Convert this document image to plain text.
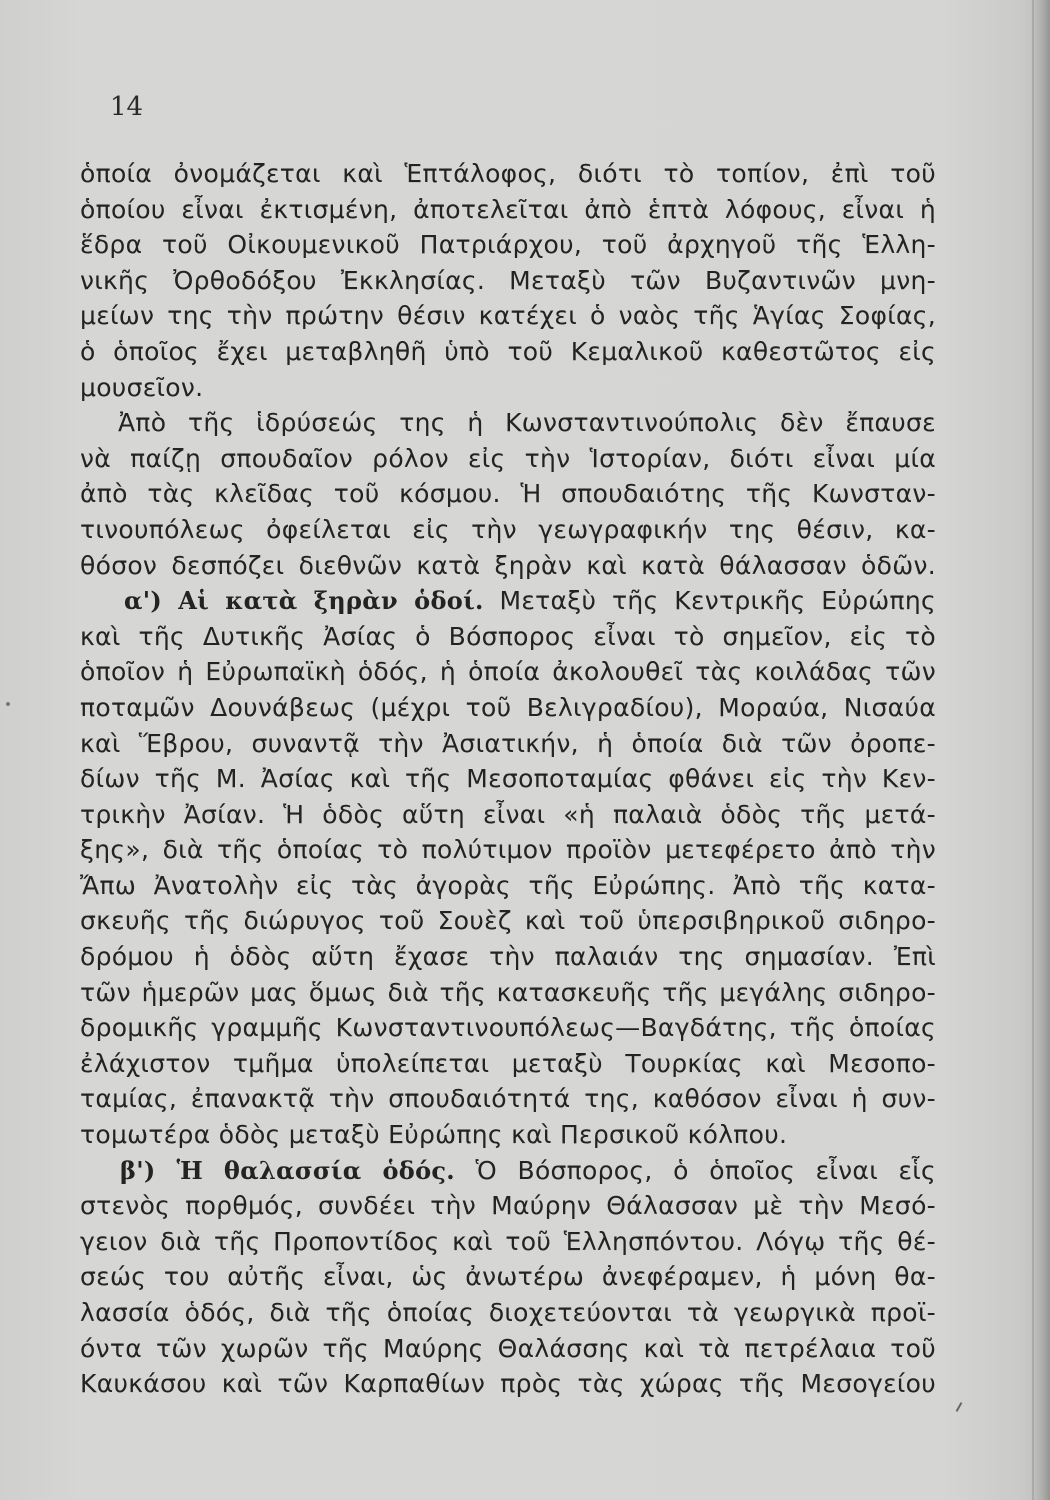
14
ὁποία ὀνομάζεται καὶ Ἑπτάλοφος, διότι τὸ τοπίον, ἐπὶ τοῦ
ὁποίου εἶναι ἐκτισμένη, ἀποτελεῖται ἀπὸ ἑπτὰ λόφους, εἶναι ἡ
ἕδρα τοῦ Οἰκουμενικοῦ Πατριάρχου, τοῦ ἀρχηγοῦ τῆς Ἑλλη-
νικῆς Ὀρθοδόξου Ἐκκλησίας. Μεταξὺ τῶν Βυζαντινῶν μνη-
μείων της τὴν πρώτην θέσιν κατέχει ὁ ναὸς τῆς Ἁγίας Σοφίας,
ὁ ὁποῖος ἔχει μεταβληθῆ ὑπὸ τοῦ Κεμαλικοῦ καθεστῶτος εἰς
μουσεῖον.
Ἀπὸ τῆς ἱδρύσεώς της ἡ Κωνσταντινούπολις δὲν ἔπαυσε
νὰ παίζῃ σπουδαῖον ρόλον εἰς τὴν Ἱστορίαν, διότι εἶναι μία
ἀπὸ τὰς κλεῖδας τοῦ κόσμου. Ἡ σπουδαιότης τῆς Κωνσταν-
τινουπόλεως ὀφείλεται εἰς τὴν γεωγραφικήν της θέσιν, κα-
θόσον δεσπόζει διεθνῶν κατὰ ξηρὰν καὶ κατὰ θάλασσαν ὁδῶν.
α') Αἱ κατὰ ξηρὰν ὁδοί. Μεταξὺ τῆς Κεντρικῆς Εὐρώπης
καὶ τῆς Δυτικῆς Ἀσίας ὁ Βόσπορος εἶναι τὸ σημεῖον, εἰς τὸ
ὁποῖον ἡ Εὐρωπαϊκὴ ὁδός, ἡ ὁποία ἀκολουθεῖ τὰς κοιλάδας τῶν
ποταμῶν Δουνάβεως (μέχρι τοῦ Βελιγραδίου), Μοραύα, Νισαύα
καὶ Ἕβρου, συναντᾷ τὴν Ἀσιατικήν, ἡ ὁποία διὰ τῶν ὀροπε-
δίων τῆς Μ. Ἀσίας καὶ τῆς Μεσοποταμίας φθάνει εἰς τὴν Κεν-
τρικὴν Ἀσίαν. Ἡ ὁδὸς αὕτη εἶναι «ἡ παλαιὰ ὁδὸς τῆς μετά-
ξης», διὰ τῆς ὁποίας τὸ πολύτιμον προϊὸν μετεφέρετο ἀπὸ τὴν
Ἄπω Ἀνατολὴν εἰς τὰς ἀγορὰς τῆς Εὐρώπης. Ἀπὸ τῆς κατα-
σκευῆς τῆς διώρυγος τοῦ Σουὲζ καὶ τοῦ ὑπερσιβηρικοῦ σιδηρο-
δρόμου ἡ ὁδὸς αὕτη ἔχασε τὴν παλαιάν της σημασίαν. Ἐπὶ
τῶν ἡμερῶν μας ὅμως διὰ τῆς κατασκευῆς τῆς μεγάλης σιδηρο-
δρομικῆς γραμμῆς Κωνσταντινουπόλεως—Βαγδάτης, τῆς ὁποίας
ἐλάχιστον τμῆμα ὑπολείπεται μεταξὺ Τουρκίας καὶ Μεσοπο-
ταμίας, ἐπανακτᾷ τὴν σπουδαιότητά της, καθόσον εἶναι ἡ συν-
τομωτέρα ὁδὸς μεταξὺ Εὐρώπης καὶ Περσικοῦ κόλπου.
β') Ἡ θαλασσία ὁδός. Ὁ Βόσπορος, ὁ ὁποῖος εἶναι εἷς
στενὸς πορθμός, συνδέει τὴν Μαύρην Θάλασσαν μὲ τὴν Μεσό-
γειον διὰ τῆς Προποντίδος καὶ τοῦ Ἑλλησπόντου. Λόγῳ τῆς θέ-
σεώς του αὐτῆς εἶναι, ὡς ἀνωτέρω ἀνεφέραμεν, ἡ μόνη θα-
λασσία ὁδός, διὰ τῆς ὁποίας διοχετεύονται τὰ γεωργικὰ προϊ-
όντα τῶν χωρῶν τῆς Μαύρης Θαλάσσης καὶ τὰ πετρέλαια τοῦ
Καυκάσου καὶ τῶν Καρπαθίων πρὸς τὰς χώρας τῆς Μεσογείου
